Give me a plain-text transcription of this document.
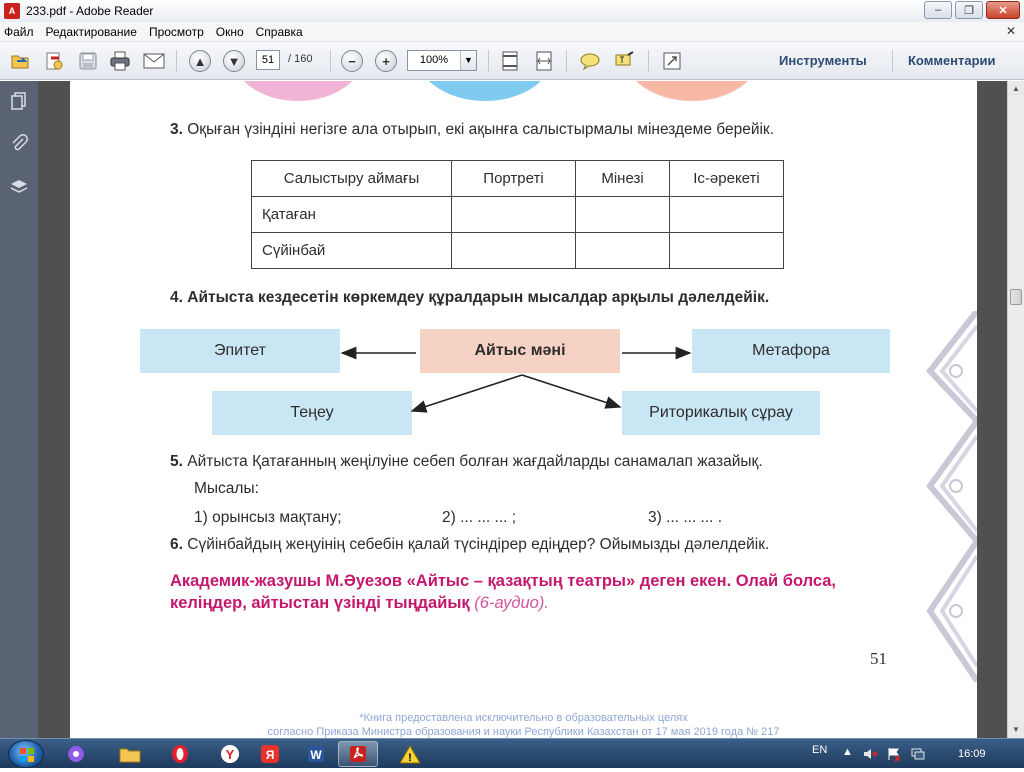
A 233.pdf - Adobe Reader	–	❐	✕
Файл	Редактирование	Просмотр	Окно	Справка	✕
▲	▼	−	+
51	/ 160	100%	▼	Инструменты	Комментарии
3. Оқыған үзіндіні негізге ала отырып, екі ақынға салыстырмалы мінездеме берейік.
Салыстыру аймағы	Портреті	Мінезі	Іс-әрекеті
Қатаған			
Сүйінбай			
4. Айтыста кездесетін көркемдеу құралдарын мысалдар арқылы дәлелдейік.
Эпитет	Айтыс мәні	Метафора
Теңеу	Риторикалық сұрау
5. Айтыста Қатағанның жеңілуіне себеп болған жағдайларды санамалап жазайық.
Мысалы:
1) орынсыз мақтану;	2) ... ... ... ;	3) ... ... ... .
6. Сүйінбайдың жеңуінің себебін қалай түсіндірер едіңдер? Ойымызды дәлелдейік.
Академик-жазушы М.Әуезов «Айтыс – қазақтың театры» деген екен. Олай болса,
келіңдер, айтыстан үзінді тыңдайық (6-аудио).
51
*Книга предоставлена исключительно в образовательных целях
согласно Приказа Министра образования и науки Республики Казахстан от 17 мая 2019 года № 217
▲
▼
Y	Я	W	!
EN ▲	16:09
